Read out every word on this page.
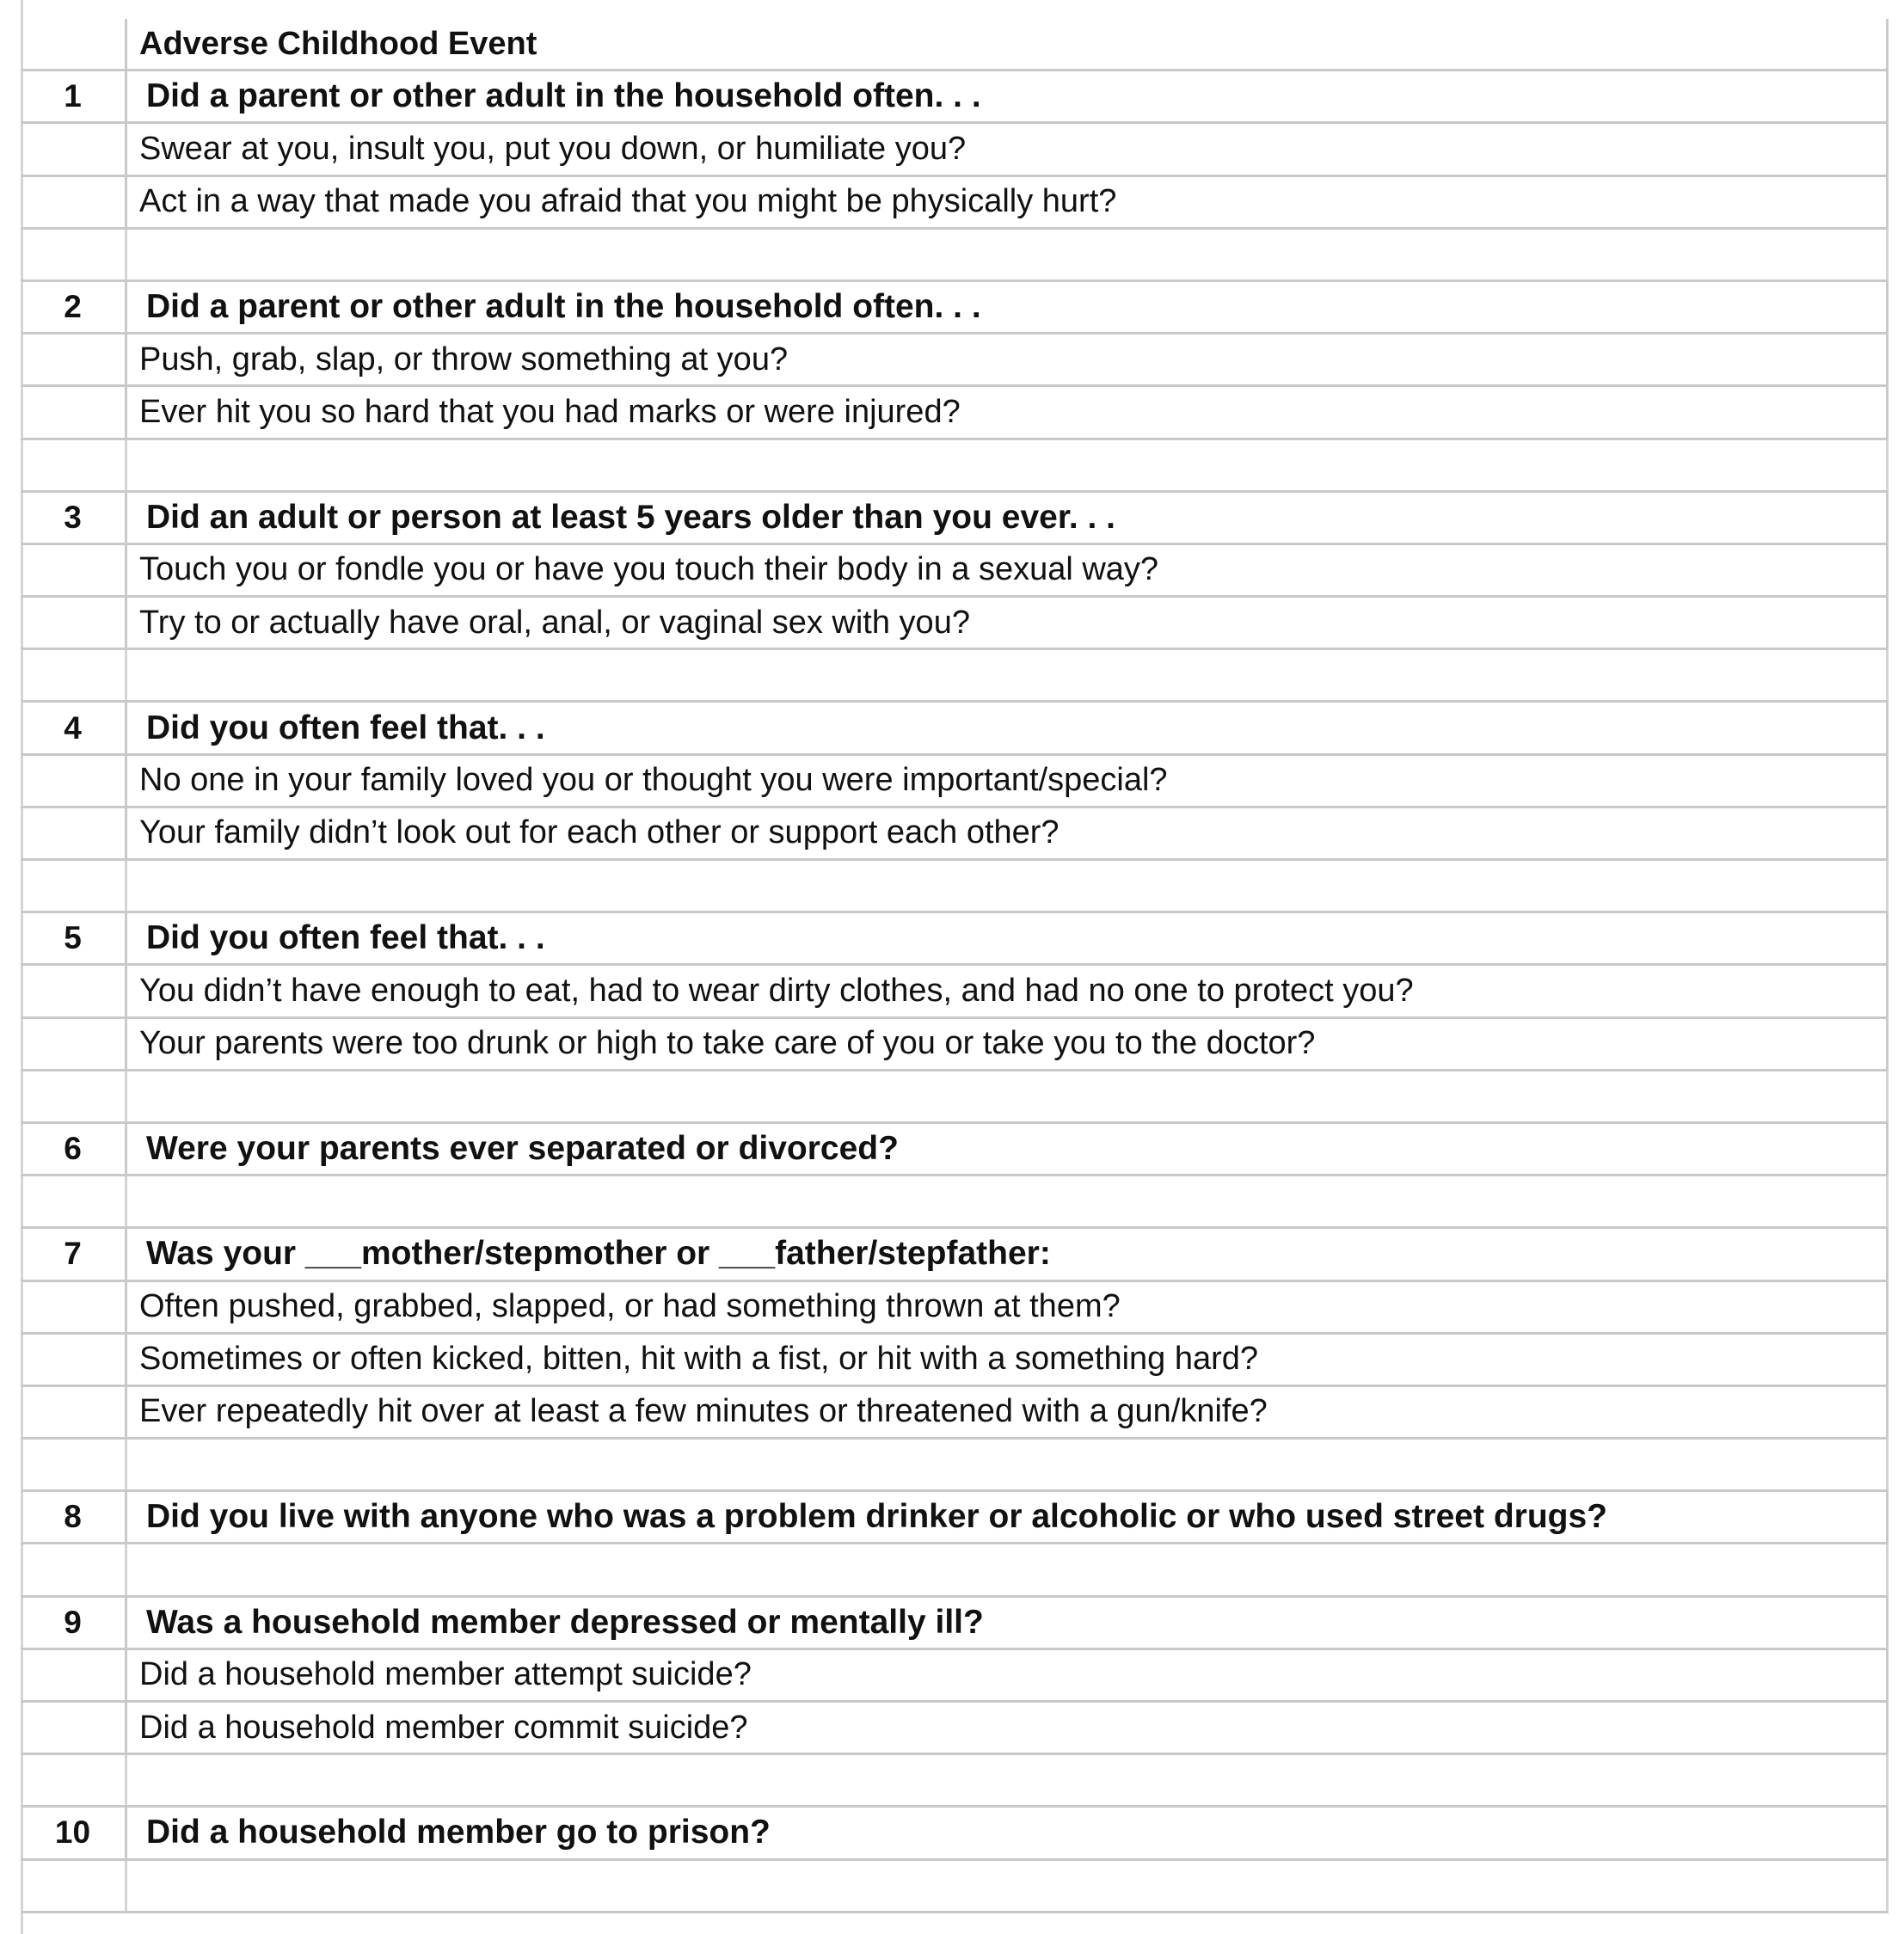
Adverse Childhood Event
1	Did a parent or other adult in the household often. . .
Swear at you, insult you, put you down, or humiliate you?
Act in a way that made you afraid that you might be physically hurt?
2	Did a parent or other adult in the household often. . .
Push, grab, slap, or throw something at you?
Ever hit you so hard that you had marks or were injured?
3	Did an adult or person at least 5 years older than you ever. . .
Touch you or fondle you or have you touch their body in a sexual way?
Try to or actually have oral, anal, or vaginal sex with you?
4	Did you often feel that. . .
No one in your family loved you or thought you were important/special?
Your family didn’t look out for each other or support each other?
5	Did you often feel that. . .
You didn’t have enough to eat, had to wear dirty clothes, and had no one to protect you?
Your parents were too drunk or high to take care of you or take you to the doctor?
6	Were your parents ever separated or divorced?
7	Was your ___mother/stepmother or ___father/stepfather:
Often pushed, grabbed, slapped, or had something thrown at them?
Sometimes or often kicked, bitten, hit with a fist, or hit with a something hard?
Ever repeatedly hit over at least a few minutes or threatened with a gun/knife?
8	Did you live with anyone who was a problem drinker or alcoholic or who used street drugs?
9	Was a household member depressed or mentally ill?
Did a household member attempt suicide?
Did a household member commit suicide?
10	Did a household member go to prison?
